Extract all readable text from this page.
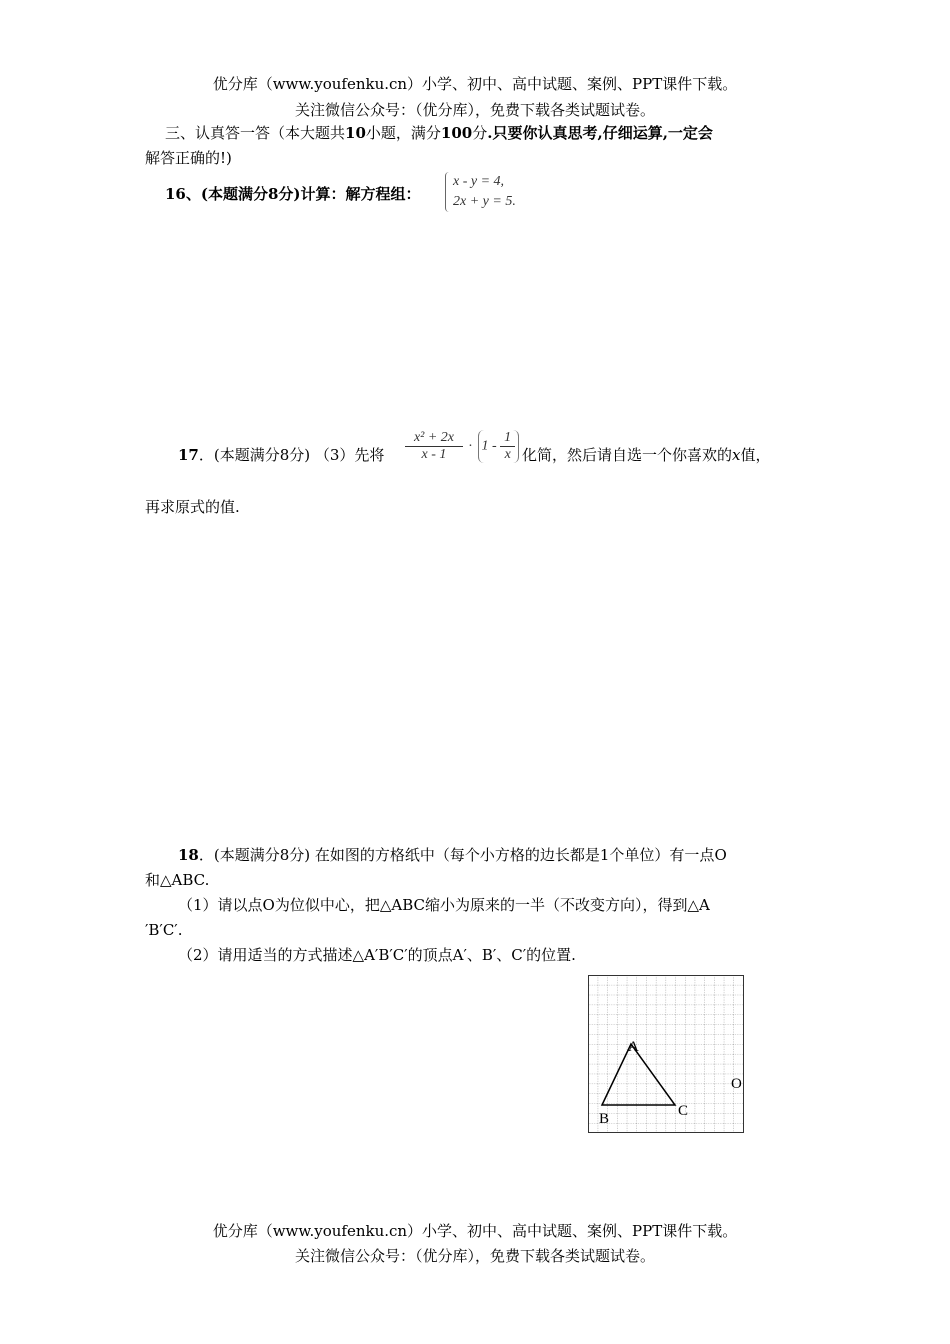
优分库（www.youfenku.cn）小学、初中、高中试题、案例、PPT课件下载。
关注微信公众号：（优分库），免费下载各类试题试卷。
三、认真答一答（本大题共10小题，满分100分.只要你认真思考,仔细运算,一定会
解答正确的!)
16、(本题满分8分)计算：解方程组：
x - y = 4,
2x + y = 5.
17．(本题满分8分) （3）先将 $\frac{\text{x² + 2x}}{x - 1} \cdot 1 - \frac{1}{x}$ 化简，然后请自选一个你喜欢的x值，
再求原式的值.
18．(本题满分8分) 在如图的方格纸中（每个小方格的边长都是1个单位）有一点O
和△ABC.
（1）请以点O为位似中心，把△ABC缩小为原来的一半（不改变方向），得到△A
′B′C′.
（2）请用适当的方式描述△A′B′C′的顶点A′、B′、C′的位置.
A
B	C
O
优分库（www.youfenku.cn）小学、初中、高中试题、案例、PPT课件下载。
关注微信公众号：（优分库），免费下载各类试题试卷。
